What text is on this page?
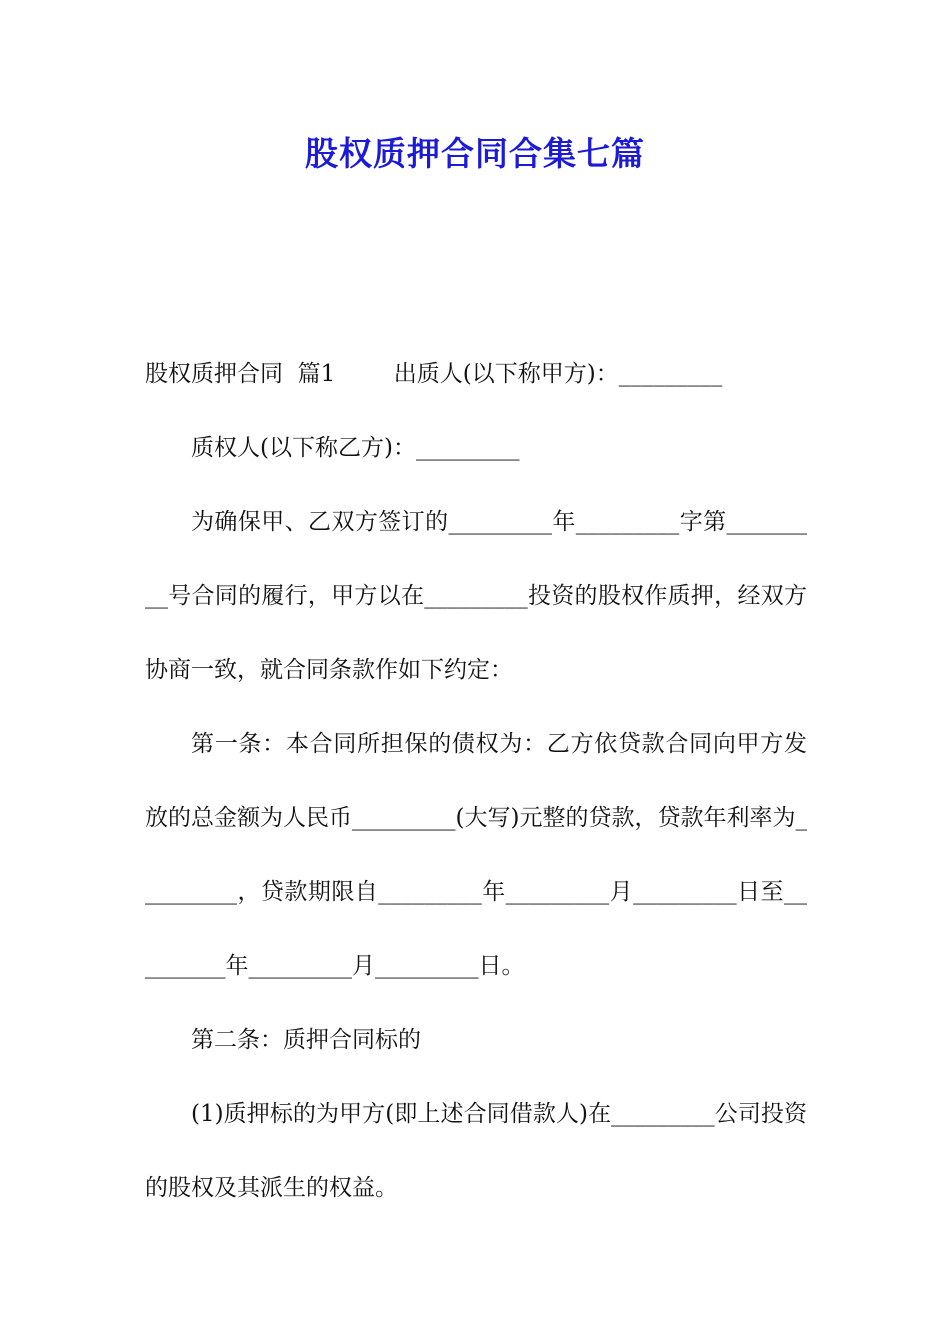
股权质押合同合集七篇

股权质押合同  篇1        出质人(以下称甲方)：_________

质权人(以下称乙方)：_________

为确保甲、乙双方签订的_________年_________字第_________号合同的履行，甲方以在_________投资的股权作质押，经双方协商一致，就合同条款作如下约定：

第一条：本合同所担保的债权为：乙方依贷款合同向甲方发放的总金额为人民币_________(大写)元整的贷款，贷款年利率为_________，贷款期限自_________年_________月_________日至_________年_________月_________日。

第二条：质押合同标的

(1)质押标的为甲方(即上述合同借款人)在_________公司投资的股权及其派生的权益。
